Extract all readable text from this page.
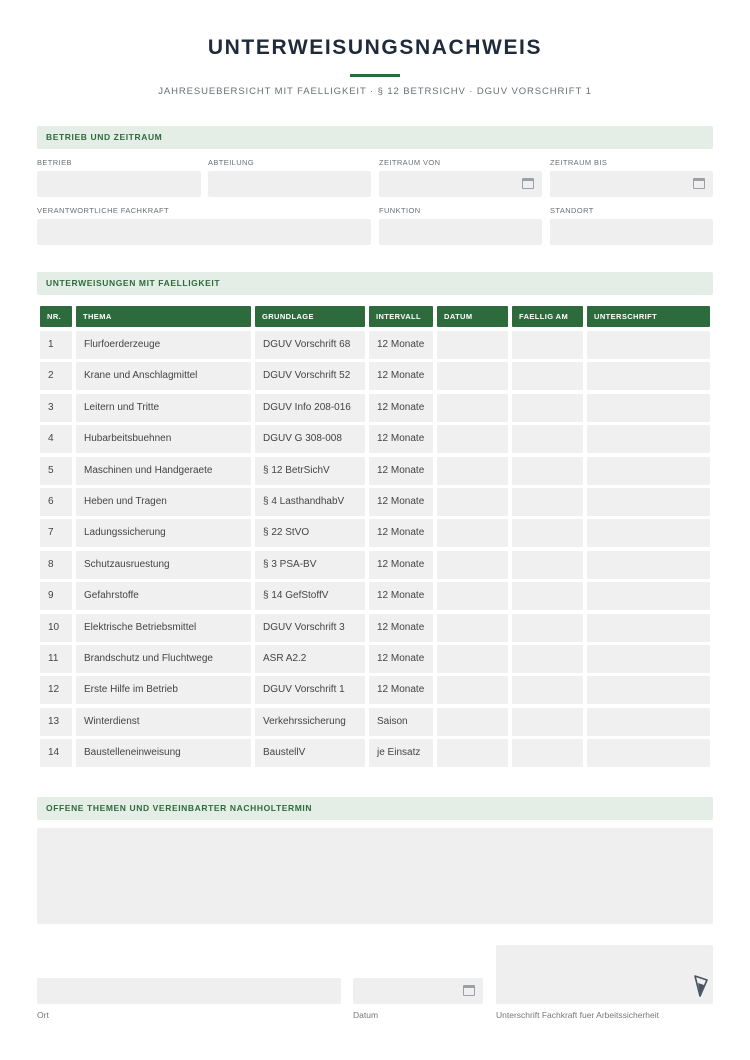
UNTERWEISUNGSNACHWEIS
JAHRESUEBERSICHT MIT FAELLIGKEIT · § 12 BETRSICHV · DGUV VORSCHRIFT 1
BETRIEB UND ZEITRAUM
BETRIEB	ABTEILUNG	ZEITRAUM VON	ZEITRAUM BIS
VERANTWORTLICHE FACHKRAFT	FUNKTION	STANDORT
UNTERWEISUNGEN MIT FAELLIGKEIT
NR.	THEMA	GRUNDLAGE	INTERVALL	DATUM	FAELLIG AM	UNTERSCHRIFT
1	Flurfoerderzeuge	DGUV Vorschrift 68	12 Monate
2	Krane und Anschlagmittel	DGUV Vorschrift 52	12 Monate
3	Leitern und Tritte	DGUV Info 208-016	12 Monate
4	Hubarbeitsbuehnen	DGUV G 308-008	12 Monate
5	Maschinen und Handgeraete	§ 12 BetrSichV	12 Monate
6	Heben und Tragen	§ 4 LasthandhabV	12 Monate
7	Ladungssicherung	§ 22 StVO	12 Monate
8	Schutzausruestung	§ 3 PSA-BV	12 Monate
9	Gefahrstoffe	§ 14 GefStoffV	12 Monate
10	Elektrische Betriebsmittel	DGUV Vorschrift 3	12 Monate
11	Brandschutz und Fluchtwege	ASR A2.2	12 Monate
12	Erste Hilfe im Betrieb	DGUV Vorschrift 1	12 Monate
13	Winterdienst	Verkehrssicherung	Saison
14	Baustelleneinweisung	BaustellV	je Einsatz
OFFENE THEMEN UND VEREINBARTER NACHHOLTERMIN
Ort	Datum	Unterschrift Fachkraft fuer Arbeitssicherheit
